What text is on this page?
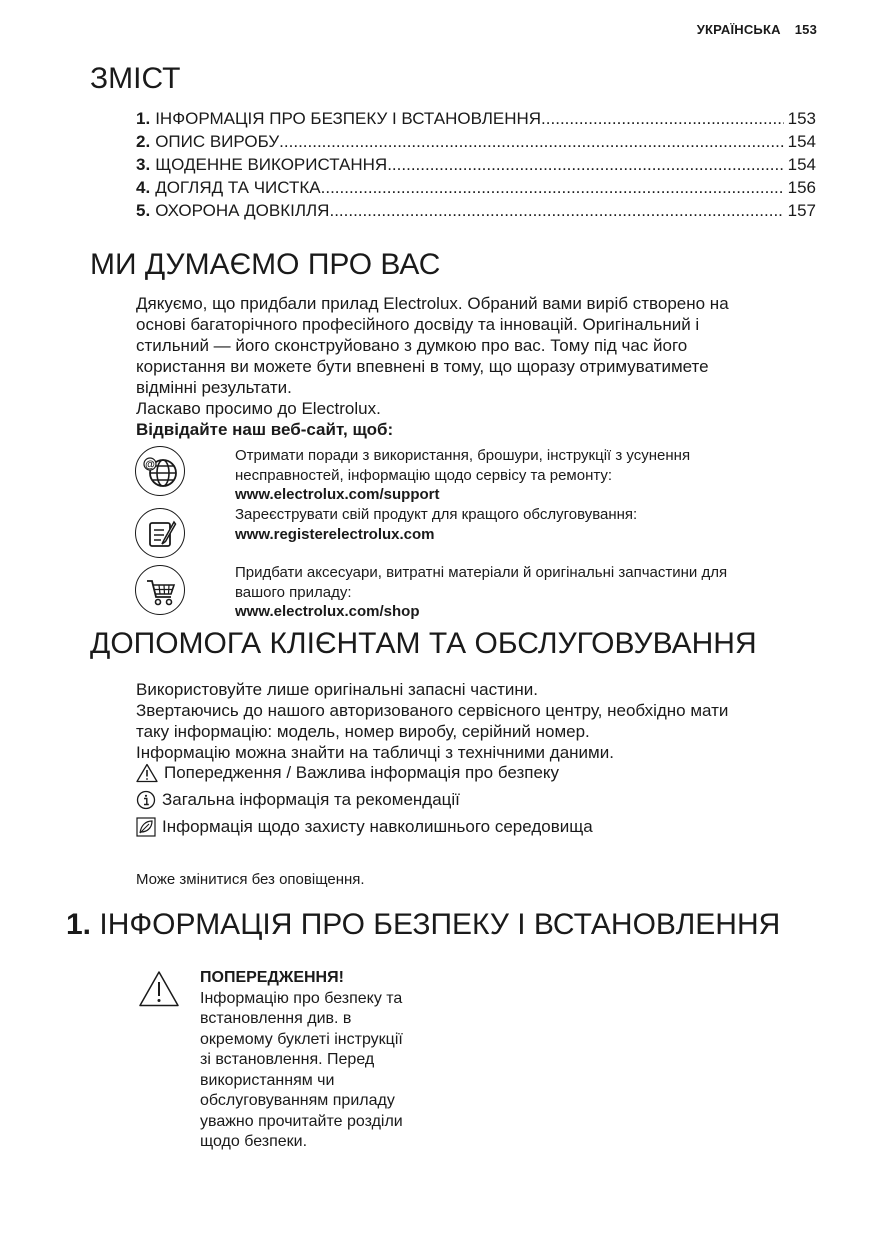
УКРАЇНСЬКА 153
ЗМІСТ
1. ІНФОРМАЦІЯ ПРО БЕЗПЕКУ І ВСТАНОВЛЕННЯ .....	153
2. ОПИС ВИРОБУ .....	154
3. ЩОДЕННЕ ВИКОРИСТАННЯ .....	154
4. ДОГЛЯД ТА ЧИСТКА .....	156
5. ОХОРОНА ДОВКІЛЛЯ .....	157
МИ ДУМАЄМО ПРО ВАС
Дякуємо, що придбали прилад Electrolux. Обраний вами виріб створено на
основі багаторічного професійного досвіду та інновацій. Оригінальний і
стильний — його сконструйовано з думкою про вас. Тому під час його
користання ви можете бути впевнені в тому, що щоразу отримуватимете
відмінні результати.
Ласкаво просимо до Electrolux.
Відвідайте наш веб-сайт, щоб:
@
Отримати поради з використання, брошури, інструкції з усунення
несправностей, інформацію щодо сервісу та ремонту:
www.electrolux.com/support
Зареєструвати свій продукт для кращого обслуговування:
www.registerelectrolux.com
Придбати аксесуари, витратні матеріали й оригінальні запчастини для
вашого приладу:
www.electrolux.com/shop
ДОПОМОГА КЛІЄНТАМ ТА ОБСЛУГОВУВАННЯ
Використовуйте лише оригінальні запасні частини.
Звертаючись до нашого авторизованого сервісного центру, необхідно мати
таку інформацію: модель, номер виробу, серійний номер.
Інформацію можна знайти на табличці з технічними даними.
Попередження / Важлива інформація про безпеку
Загальна інформація та рекомендації
Інформація щодо захисту навколишнього середовища
Може змінитися без оповіщення.
1. ІНФОРМАЦІЯ ПРО БЕЗПЕКУ І ВСТАНОВЛЕННЯ
ПОПЕРЕДЖЕННЯ!
Інформацію про безпеку та
встановлення див. в
окремому буклеті інструкції
зі встановлення. Перед
використанням чи
обслуговуванням приладу
уважно прочитайте розділи
щодо безпеки.
